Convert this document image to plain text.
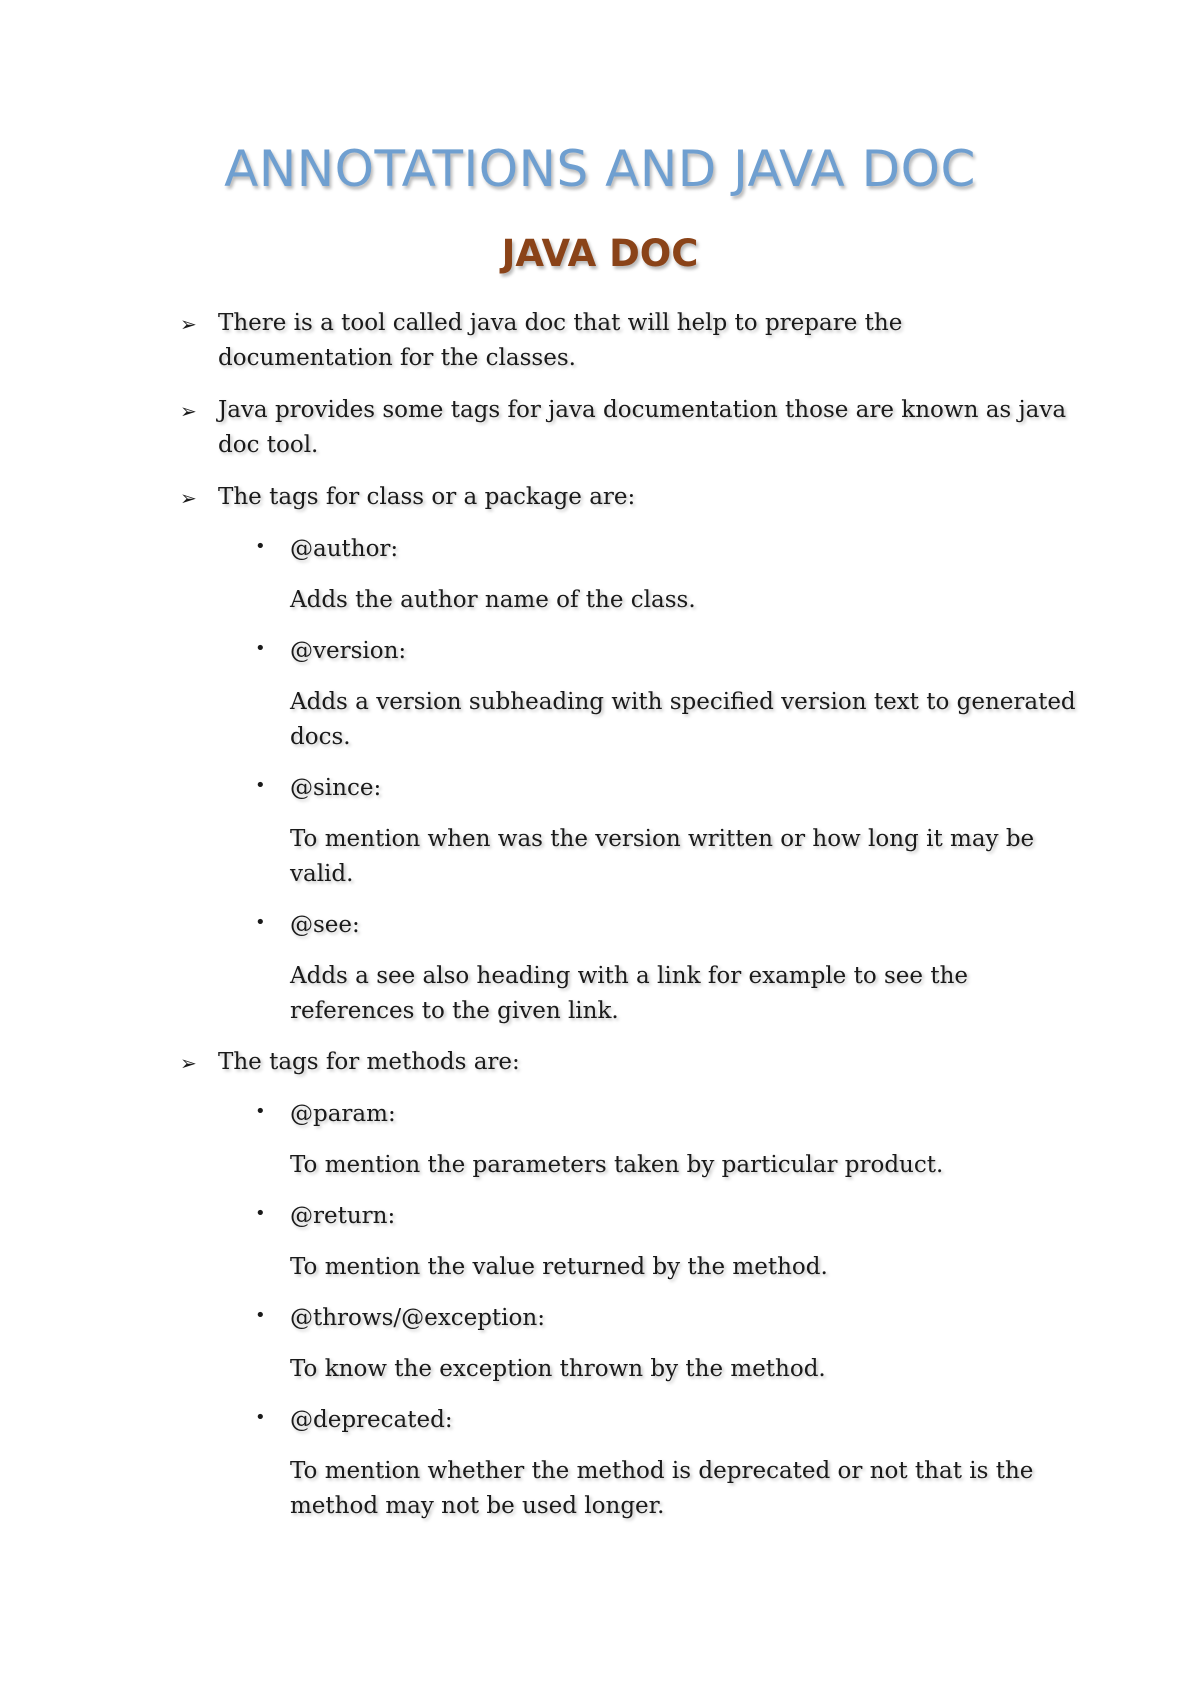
ANNOTATIONS AND JAVA DOC
JAVA DOC
➢ There is a tool called java doc that will help to prepare the documentation for the classes.
➢ Java provides some tags for java documentation those are known as java doc tool.
➢ The tags for class or a package are:
• @author:
Adds the author name of the class.
• @version:
Adds a version subheading with specified version text to generated docs.
• @since:
To mention when was the version written or how long it may be valid.
• @see:
Adds a see also heading with a link for example to see the references to the given link.
➢ The tags for methods are:
• @param:
To mention the parameters taken by particular product.
• @return:
To mention the value returned by the method.
• @throws/@exception:
To know the exception thrown by the method.
• @deprecated:
To mention whether the method is deprecated or not that is the method may not be used longer.
